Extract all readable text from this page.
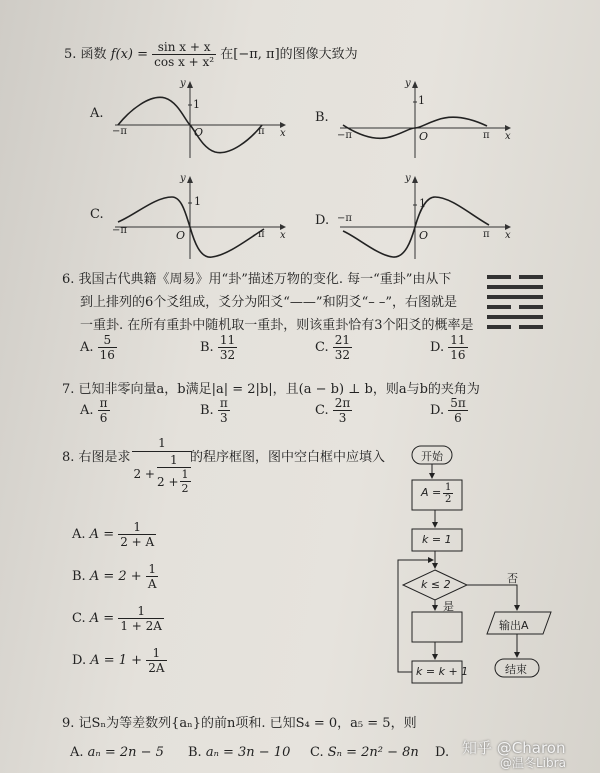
5. 函数 $f(x) = \frac{\text{sin x + x}}{\text{cos x + x²}}$ 在[−π, π]的图像大致为
A.
1
−π	π
O	x
y
B.
1
−π	π
O	x
y
C.
1
−π	π
O	x
y
D.
1
−π
π
O	x
y
6. 我国古代典籍《周易》用“卦”描述万物的变化. 每一“重卦”由从下
到上排列的6个爻组成，爻分为阳爻“——”和阴爻“– –”，右图就是
一重卦. 在所有重卦中随机取一重卦，则该重卦恰有3个阳爻的概率是
A. $\frac{5}{16}$	B. $\frac{11}{32}$	C. $\frac{21}{32}$	D. $\frac{11}{16}$
7. 已知非零向量a，b满足|a| = 2|b|，且(a − b) ⊥ b，则a与b的夹角为
A. $\frac{\pi}{6}$	B. $\frac{\pi}{3}$	C. $\frac{2\pi}{3}$	D. $\frac{5\pi}{6}$
8. 右图是求
1
$2 + \frac{1}{2 + \frac{1}{2}}$ 的程序框图，图中空白框中应填入
A. $A = \frac{1}{2 + A}$
B. $A = 2 + \frac{1}{A}$
C. $A = \frac{1}{1 + 2A}$
D. $A = 1 + \frac{1}{2A}$
开始
$A = \frac{1}{2}$
k = 1
k ≤ 2
是
否
输出A
k = k + 1	结束
9. 记Sₙ为等差数列{aₙ}的前n项和. 已知S₄ = 0，a₅ = 5，则
A. aₙ = 2n − 5 B. aₙ = 3n − 10 C. Sₙ = 2n² − 8n D. 知乎 @Charon
@温冬Libra
